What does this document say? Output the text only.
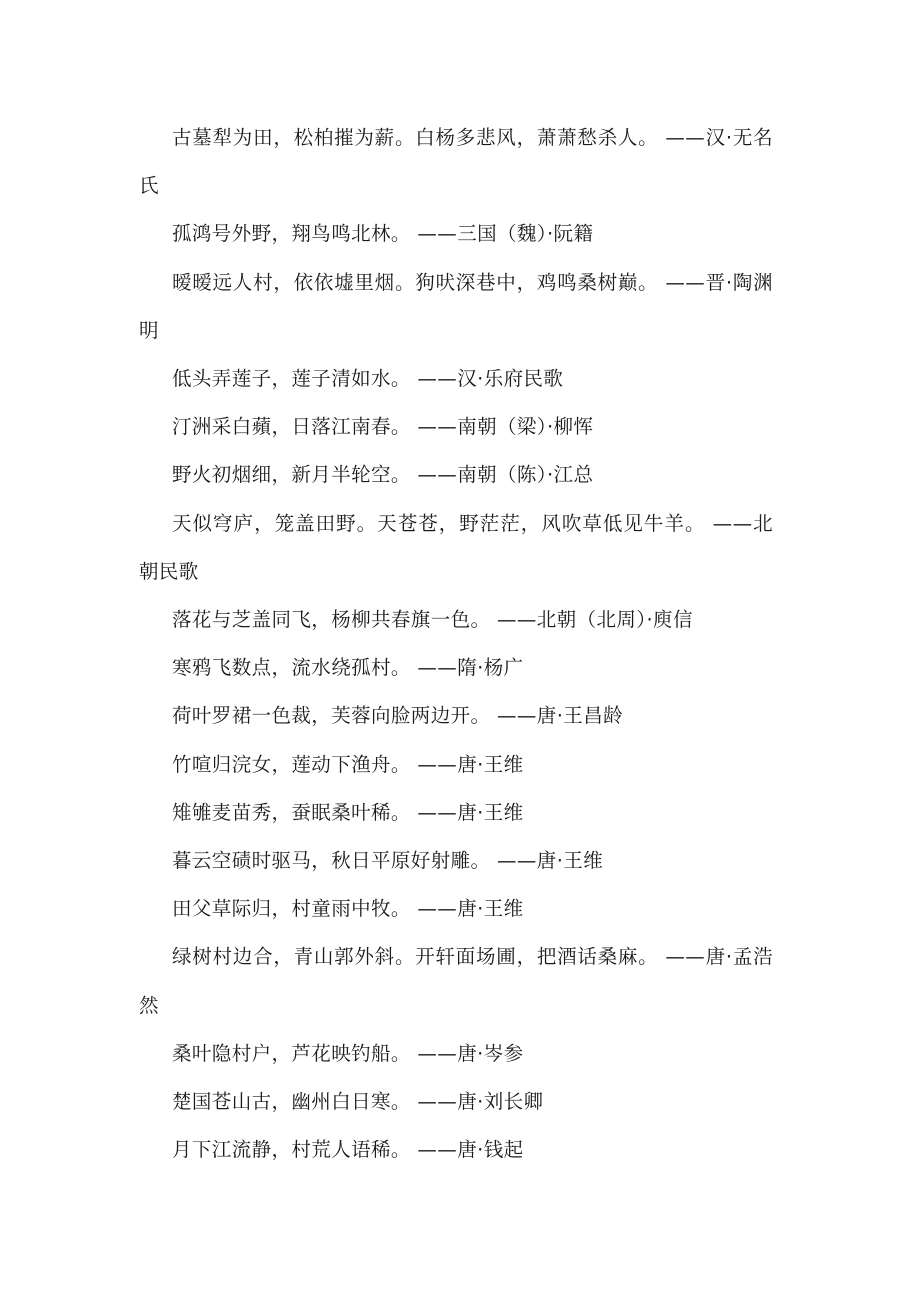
古墓犁为田，松柏摧为薪。白杨多悲风，萧萧愁杀人。 ——汉·无名氏

孤鸿号外野，翔鸟鸣北林。 ——三国（魏）·阮籍

暧暧远人村，依依墟里烟。狗吠深巷中，鸡鸣桑树巅。 ——晋·陶渊明

低头弄莲子，莲子清如水。 ——汉·乐府民歌

汀洲采白蘋，日落江南春。 ——南朝（梁）·柳恽

野火初烟细，新月半轮空。 ——南朝（陈）·江总

天似穹庐，笼盖田野。天苍苍，野茫茫，风吹草低见牛羊。 ——北朝民歌

落花与芝盖同飞，杨柳共春旗一色。 ——北朝（北周）·庾信

寒鸦飞数点，流水绕孤村。 ——隋·杨广

荷叶罗裙一色裁，芙蓉向脸两边开。 ——唐·王昌龄

竹喧归浣女，莲动下渔舟。 ——唐·王维

雉雊麦苗秀，蚕眠桑叶稀。 ——唐·王维

暮云空碛时驱马，秋日平原好射雕。 ——唐·王维

田父草际归，村童雨中牧。 ——唐·王维

绿树村边合，青山郭外斜。开轩面场圃，把酒话桑麻。 ——唐·孟浩然

桑叶隐村户，芦花映钓船。 ——唐·岑参

楚国苍山古，幽州白日寒。 ——唐·刘长卿

月下江流静，村荒人语稀。 ——唐·钱起
